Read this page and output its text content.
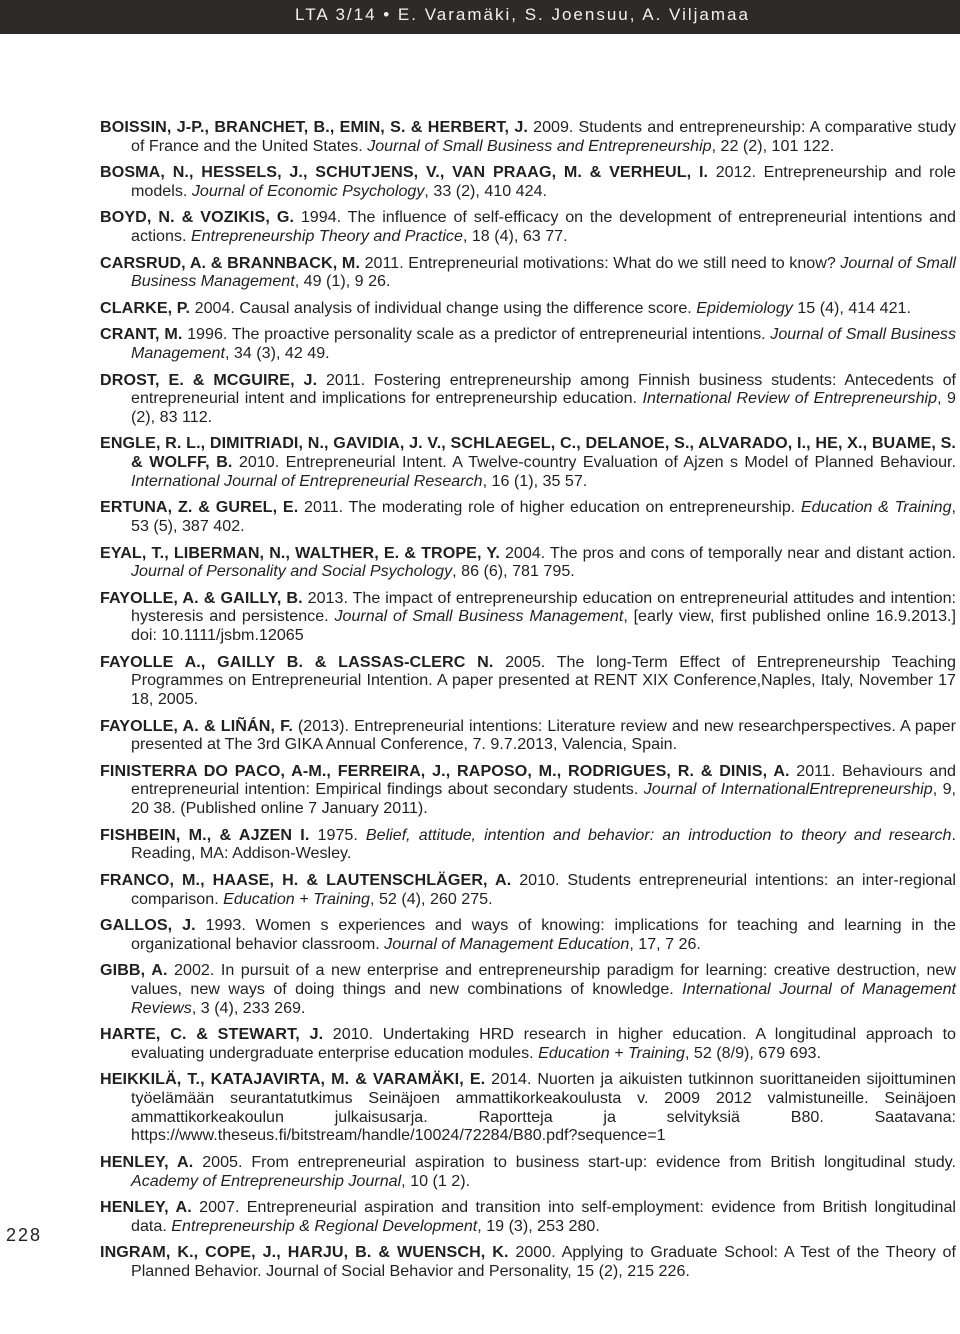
LTA 3/14 • E. Varamäki, S. Joensuu, A. Viljamaa
BOISSIN, J-P., BRANCHET, B., EMIN, S. & HERBERT, J. 2009. Students and entrepreneurship: A comparative study of France and the United States. Journal of Small Business and Entrepreneurship, 22 (2), 101 122.
BOSMA, N., HESSELS, J., SCHUTJENS, V., VAN PRAAG, M. & VERHEUL, I. 2012. Entrepreneurship and role models. Journal of Economic Psychology, 33 (2), 410 424.
BOYD, N. & VOZIKIS, G. 1994. The influence of self-efficacy on the development of entrepreneurial intentions and actions. Entrepreneurship Theory and Practice, 18 (4), 63 77.
CARSRUD, A. & BRANNBACK, M. 2011. Entrepreneurial motivations: What do we still need to know? Journal of Small Business Management, 49 (1), 9 26.
CLARKE, P. 2004. Causal analysis of individual change using the difference score. Epidemiology 15 (4), 414 421.
CRANT, M. 1996. The proactive personality scale as a predictor of entrepreneurial intentions. Journal of Small Business Management, 34 (3), 42 49.
DROST, E. & MCGUIRE, J. 2011. Fostering entrepreneurship among Finnish business students: Antecedents of entrepreneurial intent and implications for entrepreneurship education. International Review of Entrepreneurship, 9 (2), 83 112.
ENGLE, R. L., DIMITRIADI, N., GAVIDIA, J. V., SCHLAEGEL, C., DELANOE, S., ALVARADO, I., HE, X., BUAME, S. & WOLFF, B. 2010. Entrepreneurial Intent. A Twelve-country Evaluation of Ajzen s Model of Planned Behaviour. International Journal of Entrepreneurial Research, 16 (1), 35 57.
ERTUNA, Z. & GUREL, E. 2011. The moderating role of higher education on entrepreneurship. Education & Training, 53 (5), 387 402.
EYAL, T., LIBERMAN, N., WALTHER, E. & TROPE, Y. 2004. The pros and cons of temporally near and distant action. Journal of Personality and Social Psychology, 86 (6), 781 795.
FAYOLLE, A. & GAILLY, B. 2013. The impact of entrepreneurship education on entrepreneurial attitudes and intention: hysteresis and persistence. Journal of Small Business Management, [early view, first published online 16.9.2013.] doi: 10.1111/jsbm.12065
FAYOLLE A., GAILLY B. & LASSAS-CLERC N. 2005. The long-Term Effect of Entrepreneurship Teaching Programmes on Entrepreneurial Intention. A paper presented at RENT XIX Conference,Naples, Italy, November 17 18, 2005.
FAYOLLE, A. & LIÑÁN, F. (2013). Entrepreneurial intentions: Literature review and new researchperspectives. A paper presented at The 3rd GIKA Annual Conference, 7. 9.7.2013, Valencia, Spain.
FINISTERRA DO PACO, A-M., FERREIRA, J., RAPOSO, M., RODRIGUES, R. & DINIS, A. 2011. Behaviours and entrepreneurial intention: Empirical findings about secondary students. Journal of InternationalEntrepreneurship, 9, 20 38. (Published online 7 January 2011).
FISHBEIN, M., & AJZEN I. 1975. Belief, attitude, intention and behavior: an introduction to theory and research. Reading, MA: Addison-Wesley.
FRANCO, M., HAASE, H. & LAUTENSCHLÄGER, A. 2010. Students entrepreneurial intentions: an inter-regional comparison. Education + Training, 52 (4), 260 275.
GALLOS, J. 1993. Women s experiences and ways of knowing: implications for teaching and learning in the organizational behavior classroom. Journal of Management Education, 17, 7 26.
GIBB, A. 2002. In pursuit of a new enterprise and entrepreneurship paradigm for learning: creative destruction, new values, new ways of doing things and new combinations of knowledge. International Journal of Management Reviews, 3 (4), 233 269.
HARTE, C. & STEWART, J. 2010. Undertaking HRD research in higher education. A longitudinal approach to evaluating undergraduate enterprise education modules. Education + Training, 52 (8/9), 679 693.
HEIKKILÄ, T., KATAJAVIRTA, M. & VARAMÄKI, E. 2014. Nuorten ja aikuisten tutkinnon suorittaneiden sijoittuminen työelämään seurantatutkimus Seinäjoen ammattikorkeakoulusta v. 2009 2012 valmistuneille. Seinäjoen ammattikorkeakoulun julkaisusarja. Raportteja ja selvityksiä B80. Saatavana: https://www.theseus.fi/bitstream/handle/10024/72284/B80.pdf?sequence=1
HENLEY, A. 2005. From entrepreneurial aspiration to business start-up: evidence from British longitudinal study. Academy of Entrepreneurship Journal, 10 (1 2).
HENLEY, A. 2007. Entrepreneurial aspiration and transition into self-employment: evidence from British longitudinal data. Entrepreneurship & Regional Development, 19 (3), 253 280.
INGRAM, K., COPE, J., HARJU, B. & WUENSCH, K. 2000. Applying to Graduate School: A Test of the Theory of Planned Behavior. Journal of Social Behavior and Personality, 15 (2), 215 226.
228
